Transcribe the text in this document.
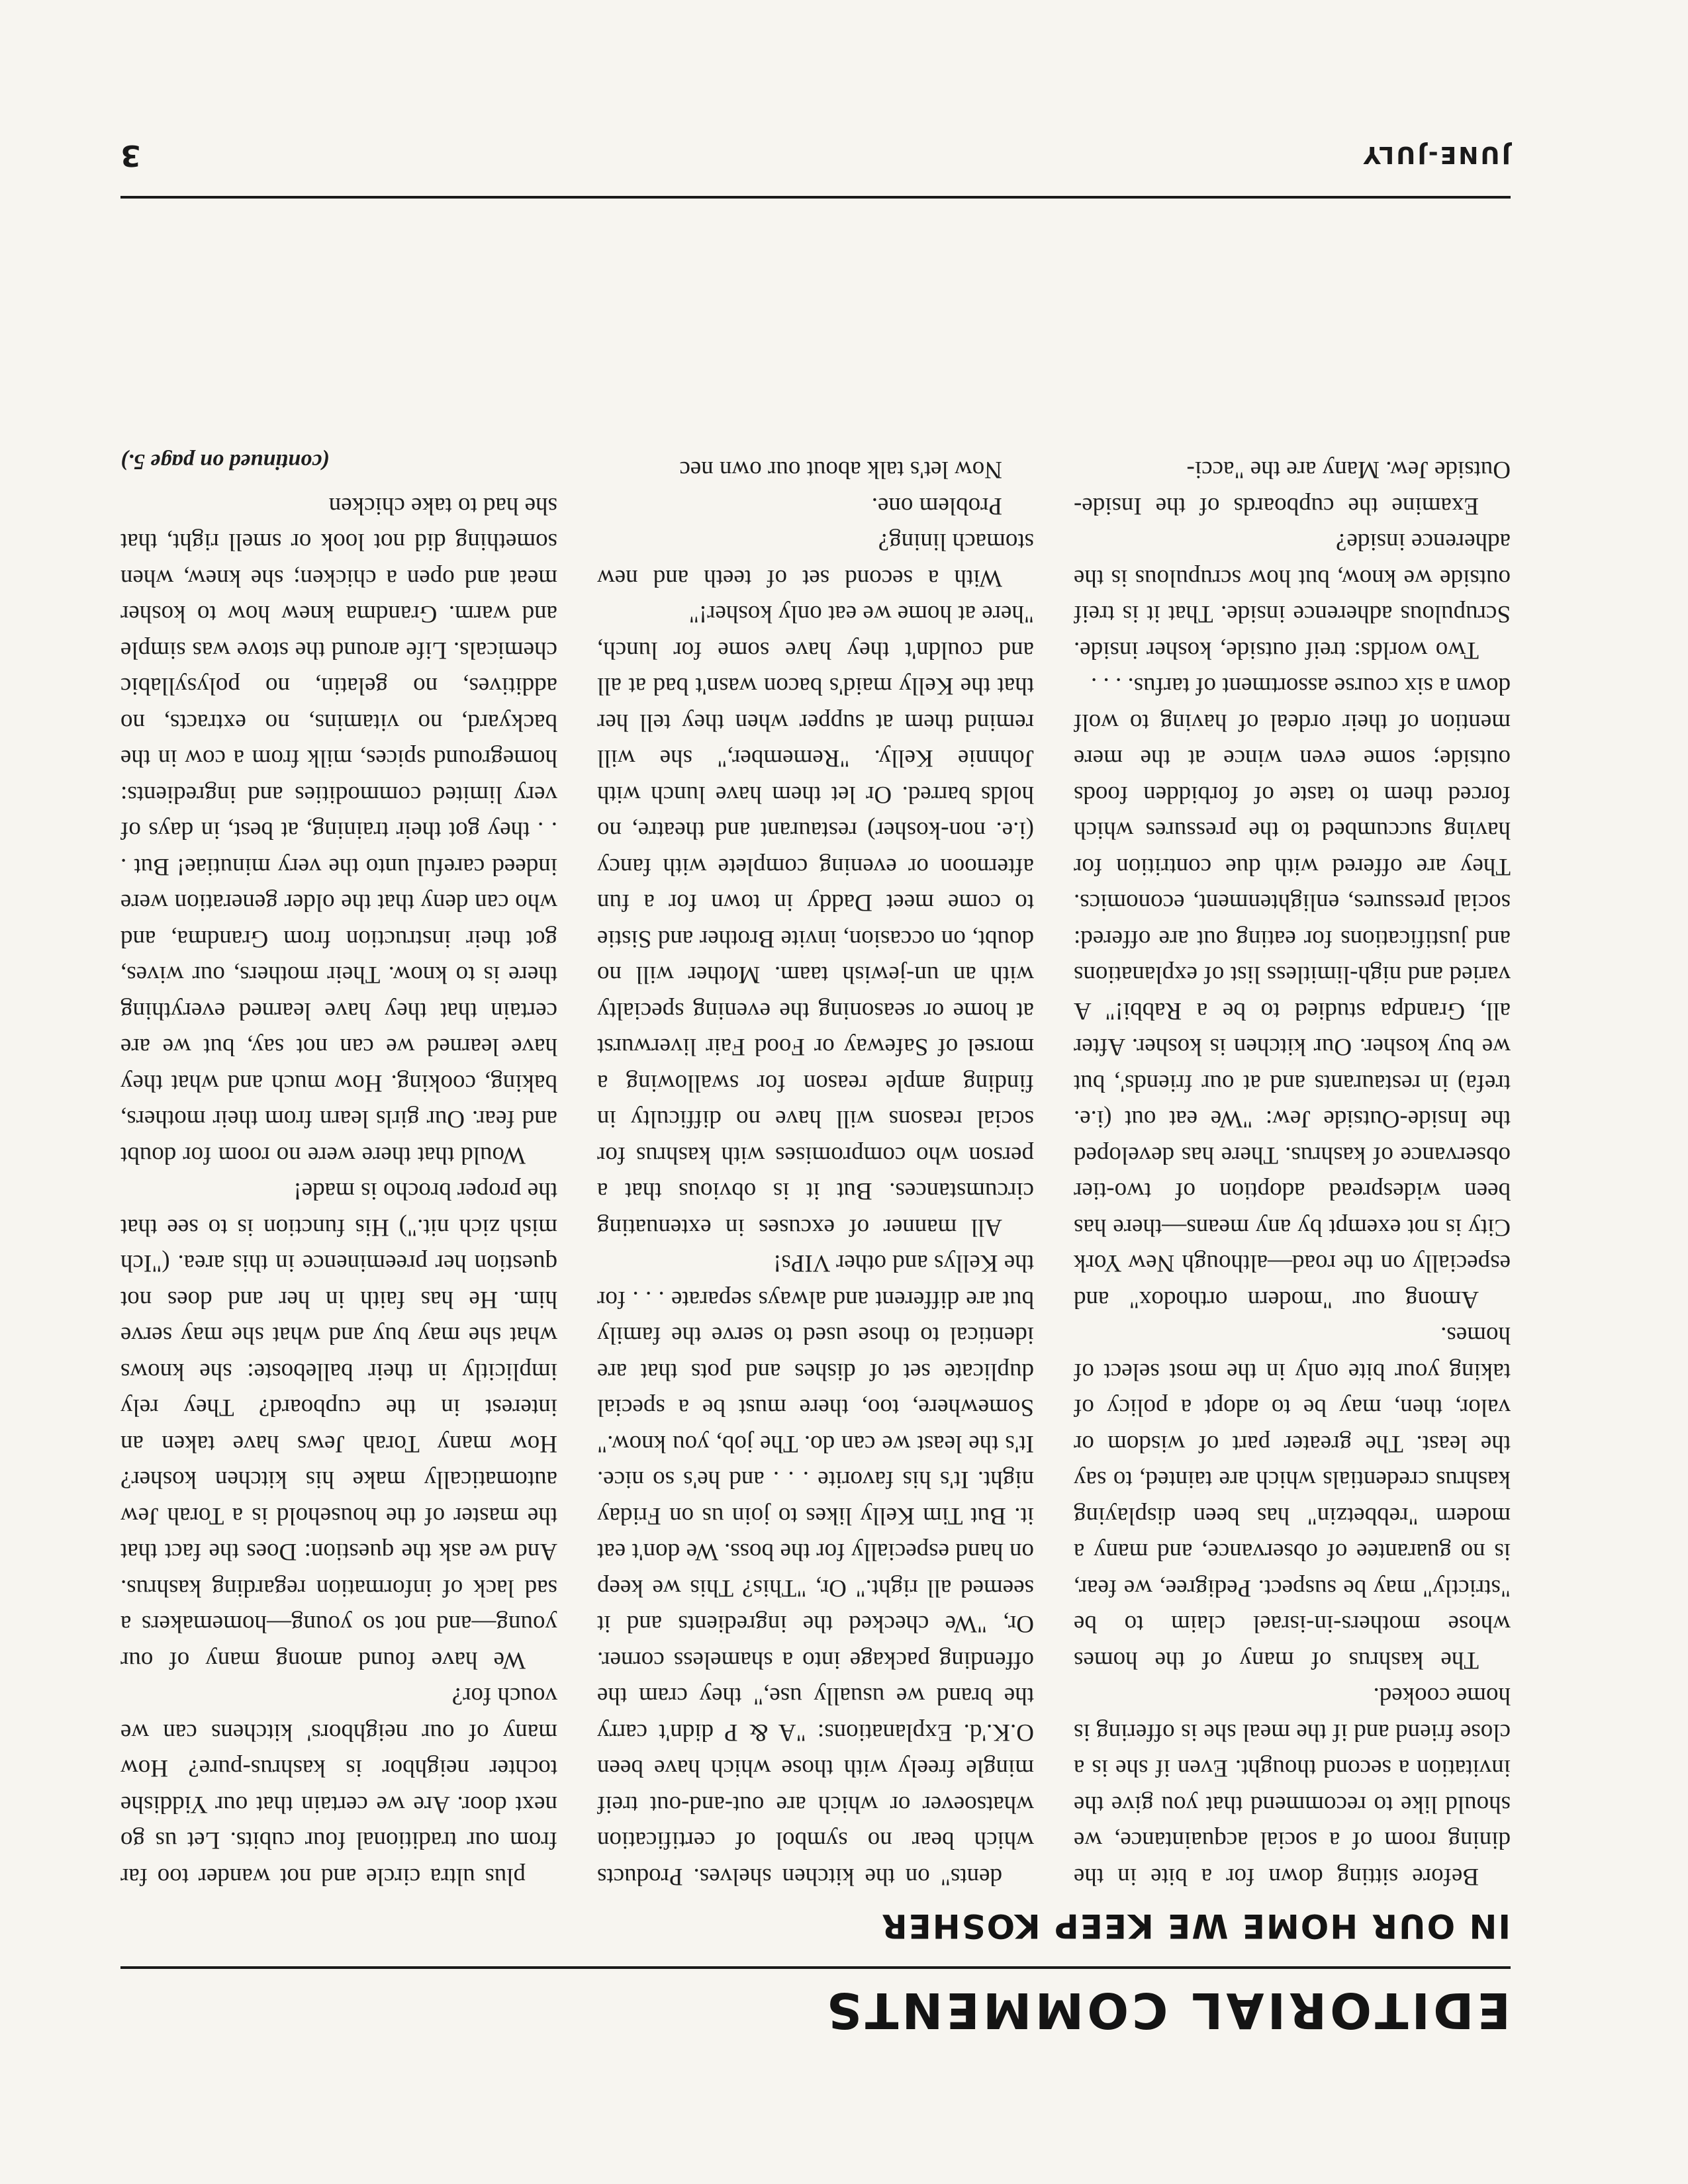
EDITORIAL COMMENTS
IN OUR HOME WE KEEP KOSHER

Before sitting down for a bite in the dining room of a social acquaintance, we should like to recommend that you give the invitation a second thought. Even if she is a close friend and if the meal she is offering is home cooked.

The kashrus of many of the homes whose mothers-in-israel claim to be "strictly" may be suspect. Pedigree, we fear, is no guarantee of observance, and many a modern "rebbetzin" has been displaying kashrus credentials which are tainted, to say the least. The greater part of wisdom or valor, then, may be to adopt a policy of taking your bite only in the most select of homes.

Among our "modern orthodox" and especially on the road—although New York City is not exempt by any means—there has been widespread adoption of two-tier observance of kashrus. There has developed the Inside-Outside Jew: "We eat out (i.e. trefa) in restaurants and at our friends', but we buy kosher. Our kitchen is kosher. After all, Grandpa studied to be a Rabbi!" A varied and nigh-limitless list of explanations and justifications for eating out are offered: social pressures, enlightenment, economics. They are offered with due contrition for having succumbed to the pressures which forced them to taste of forbidden foods outside; some even wince at the mere mention of their ordeal of having to wolf down a six course assortment of tarfus. . . .

Two worlds: treif outside, kosher inside. Scrupulous adherence inside. That it is treif outside we know, but how scrupulous is the adherence inside?

Examine the cupboards of the Inside-Outside Jew. Many are the "acci-

dents" on the kitchen shelves. Products which bear no symbol of certification whatsoever or which are out-and-out treif mingle freely with those which have been O.K.'d. Explanations: "A & P didn't carry the brand we usually use," they cram the offending package into a shameless corner. Or, "We checked the ingredients and it seemed all right." Or, "This? This we keep on hand especially for the boss. We don't eat it. But Tim Kelly likes to join us on Friday night. It's his favorite . . . and he's so nice. It's the least we can do. The job, you know." Somewhere, too, there must be a special duplicate set of dishes and pots that are identical to those used to serve the family but are different and always separate . . . for the Kellys and other VIPs!

All manner of excuses in extenuating circumstances. But it is obvious that a person who compromises with kashrus for social reasons will have no difficulty in finding ample reason for swallowing a morsel of Safeway or Food Fair liverwurst at home or seasoning the evening specialty with an un-jewish taam. Mother will no doubt, on occasion, invite Brother and Sistie to come meet Daddy in town for a fun afternoon or evening complete with fancy (i.e. non-kosher) restaurant and theatre, no holds barred. Or let them have lunch with Johnnie Kelly. "Remember," she will remind them at supper when they tell her that the Kelly maid's bacon wasn't bad at all and couldn't they have some for lunch, "here at home we eat only kosher!"

With a second set of teeth and new stomach lining?

Problem one.

Now let's talk about our own nec

plus ultra circle and not wander too far from our traditional four cubits. Let us go next door. Are we certain that our Yiddishe tochter neighbor is kashrus-pure? How many of our neighbors' kitchens can we vouch for?

We have found among many of our young—and not so young—homemakers a sad lack of information regarding kashrus. And we ask the question: Does the fact that the master of the household is a Torah Jew automatically make his kitchen kosher? How many Torah Jews have taken an interest in the cupboard? They rely implicitly in their balleboste: she knows what she may buy and what she may serve him. He has faith in her and does not question her preeminence in this area. ("Ich mish zich nit.") His function is to see that the proper brocho is made!

Would that there were no room for doubt and fear. Our girls learn from their mothers, baking, cooking. How much and what they have learned we can not say, but we are certain that they have learned everything there is to know. Their mothers, our wives, got their instruction from Grandma, and who can deny that the older generation were indeed careful unto the very minutiae! But . . . they got their training, at best, in days of very limited commodities and ingredients: homeground spices, milk from a cow in the backyard, no vitamins, no extracts, no additives, no gelatin, no polysyllabic chemicals. Life around the stove was simple and warm. Grandma knew how to kosher meat and open a chicken; she knew, when something did not look or smell right, that she had to take chicken

(continued on page 5.)
JUNE-JULY
3
